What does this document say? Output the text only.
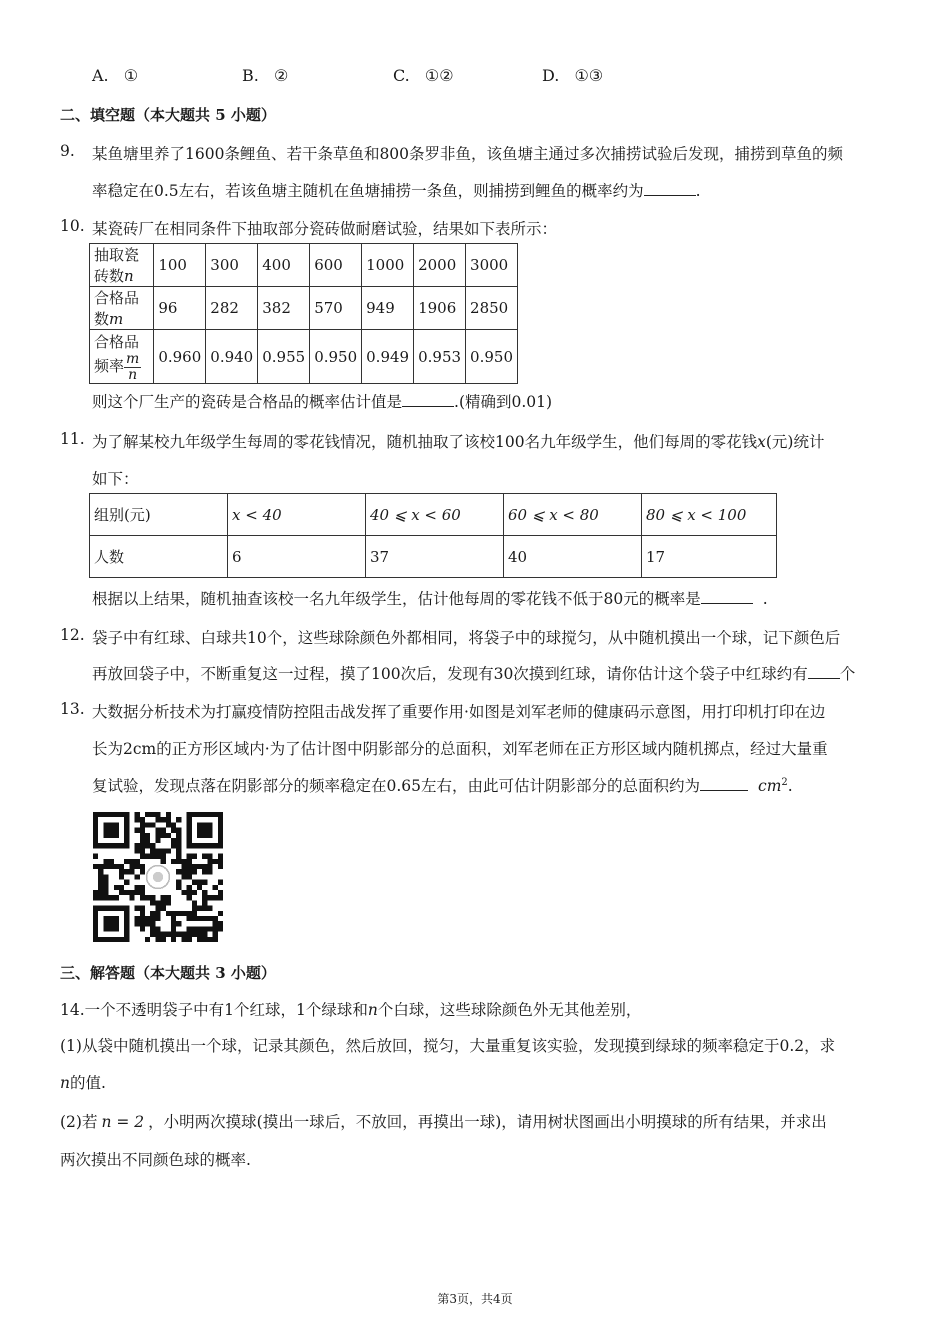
A. ①	B. ②	C. ①②	D. ①③
二、填空题（本大题共 5 小题）
9. 某鱼塘里养了1600条鲤鱼、若干条草鱼和800条罗非鱼，该鱼塘主通过多次捕捞试验后发现，捕捞到草鱼的频
率稳定在0.5左右，若该鱼塘主随机在鱼塘捕捞一条鱼，则捕捞到鲤鱼的概率约为	.
10. 某瓷砖厂在相同条件下抽取部分瓷砖做耐磨试验，结果如下表所示：
抽取瓷砖数n	100	300	400	600	1000	2000	3000
合格品数m	96	282	382	570	949	1906	2850
合格品频率 $\frac{m}{n}$	0.960	0.940	0.955	0.950	0.949	0.953	0.950
则这个厂生产的瓷砖是合格品的概率估计值是	.(精确到0.01)
11. 为了解某校九年级学生每周的零花钱情况，随机抽取了该校100名九年级学生，他们每周的零花钱x(元)统计
如下：
组别(元)	x < 40	40 ⩽ x < 60	60 ⩽ x < 80	80 ⩽ x < 100
人数	6	37	40	17
根据以上结果，随机抽查该校一名九年级学生，估计他每周的零花钱不低于80元的概率是	.
12. 袋子中有红球、白球共10个，这些球除颜色外都相同，将袋子中的球搅匀，从中随机摸出一个球，记下颜色后
再放回袋子中，不断重复这一过程，摸了100次后，发现有30次摸到红球，请你估计这个袋子中红球约有 个
13. 大数据分析技术为打赢疫情防控阻击战发挥了重要作用·如图是刘军老师的健康码示意图，用打印机打印在边
长为2cm的正方形区域内·为了估计图中阴影部分的总面积，刘军老师在正方形区域内随机掷点，经过大量重
复试验，发现点落在阴影部分的频率稳定在0.65左右，由此可估计阴影部分的总面积约为	$cm^2$.
三、解答题（本大题共 3 小题）
14.一个不透明袋子中有1个红球，1个绿球和n个白球，这些球除颜色外无其他差别，
(1)从袋中随机摸出一个球，记录其颜色，然后放回，搅匀，大量重复该实验，发现摸到绿球的频率稳定于0.2，求
n的值.
(2)若 n = 2 ，小明两次摸球(摸出一球后，不放回，再摸出一球)，请用树状图画出小明摸球的所有结果，并求出
两次摸出不同颜色球的概率.
第3页，共4页
